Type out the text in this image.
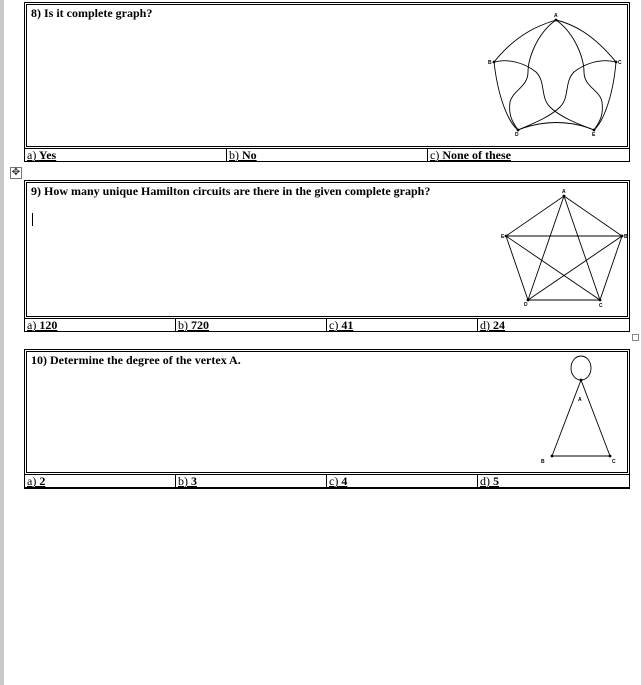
8) Is it complete graph?	A
B	C
D	E
a) Yes	b) No	c) None of these
✥
9) How many unique Hamilton circuits are there in the given complete graph?	A
B
C
D
E
a) 120	b) 720	c) 41	d) 24
10) Determine the degree of the vertex A.
A
B	C
a) 2	b) 3	c) 4	d) 5
